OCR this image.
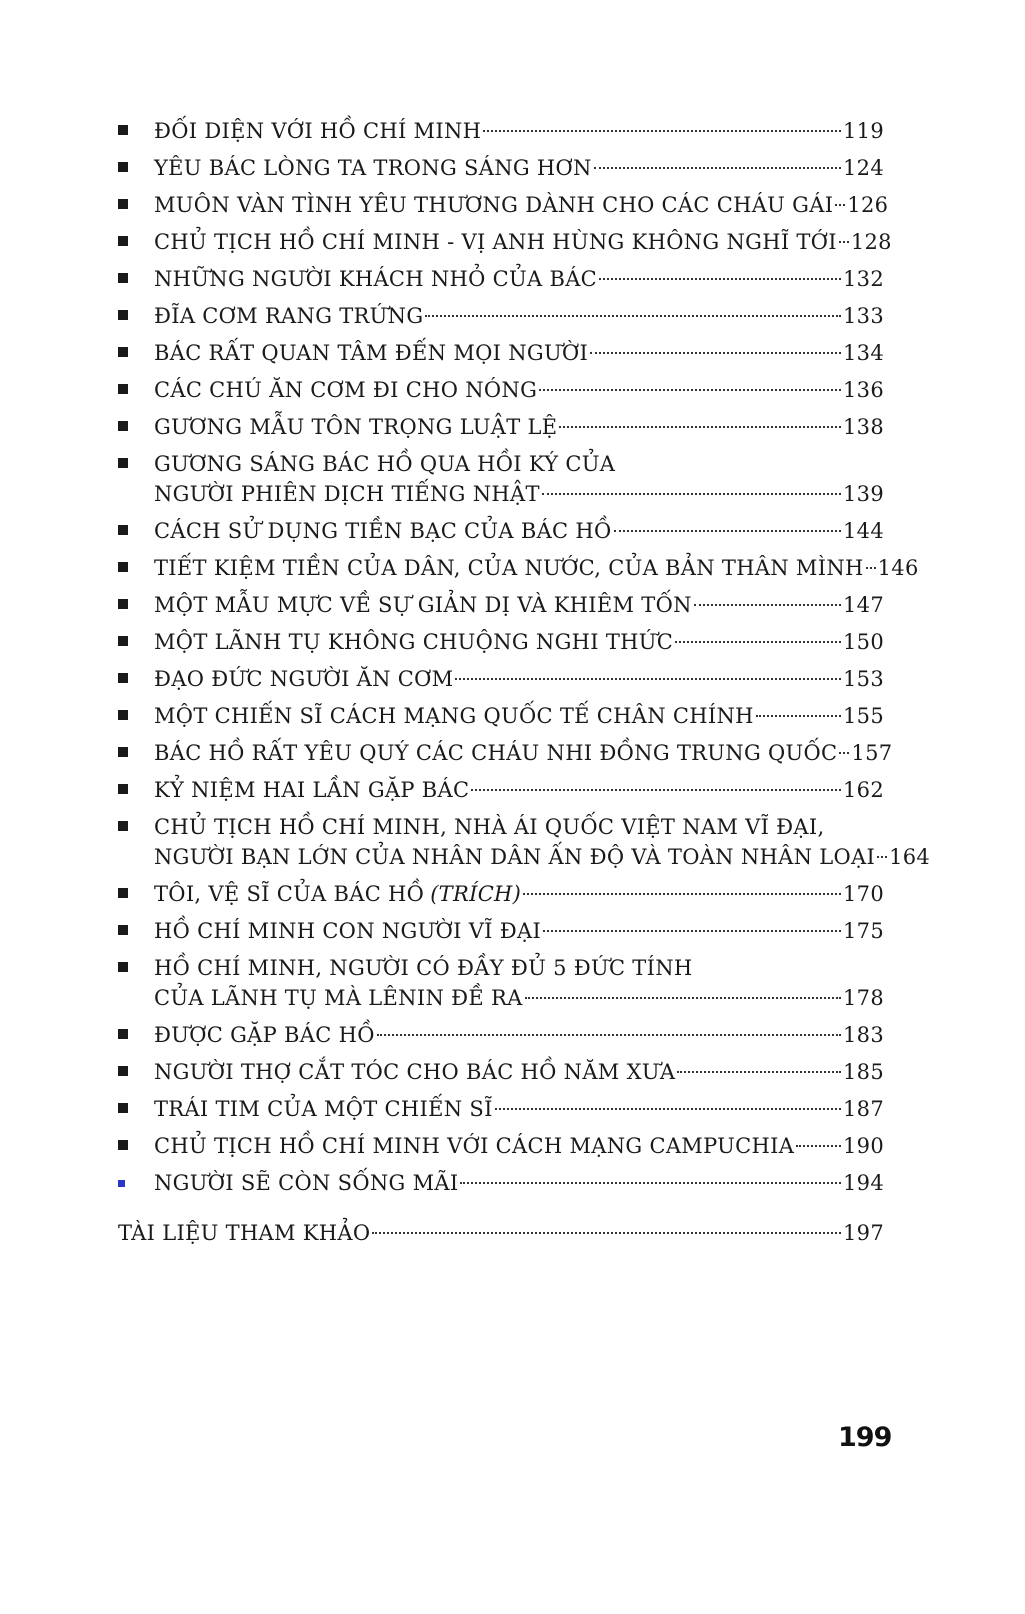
ĐỐI DIỆN VỚI HỒ CHÍ MINH	119
YÊU BÁC LÒNG TA TRONG SÁNG HƠN	124
MUÔN VÀN TÌNH YÊU THƯƠNG DÀNH CHO CÁC CHÁU GÁI 126
CHỦ TỊCH HỒ CHÍ MINH - VỊ ANH HÙNG KHÔNG NGHĨ TỚI 128
NHỮNG NGƯỜI KHÁCH NHỎ CỦA BÁC	132
ĐĨA CƠM RANG TRỨNG	133
BÁC RẤT QUAN TÂM ĐẾN MỌI NGƯỜI	134
CÁC CHÚ ĂN CƠM ĐI CHO NÓNG	136
GƯƠNG MẪU TÔN TRỌNG LUẬT LỆ	138
GƯƠNG SÁNG BÁC HỒ QUA HỒI KÝ CỦA
NGƯỜI PHIÊN DỊCH TIẾNG NHẬT	139
CÁCH SỬ DỤNG TIỀN BẠC CỦA BÁC HỒ	144
TIẾT KIỆM TIỀN CỦA DÂN, CỦA NƯỚC, CỦA BẢN THÂN MÌNH 146
MỘT MẪU MỰC VỀ SỰ GIẢN DỊ VÀ KHIÊM TỐN	147
MỘT LÃNH TỤ KHÔNG CHUỘNG NGHI THỨC	150
ĐẠO ĐỨC NGƯỜI ĂN CƠM	153
MỘT CHIẾN SĨ CÁCH MẠNG QUỐC TẾ CHÂN CHÍNH	155
BÁC HỒ RẤT YÊU QUÝ CÁC CHÁU NHI ĐỒNG TRUNG QUỐC 157
KỶ NIỆM HAI LẦN GẶP BÁC	162
CHỦ TỊCH HỒ CHÍ MINH, NHÀ ÁI QUỐC VIỆT NAM VĨ ĐẠI,
NGƯỜI BẠN LỚN CỦA NHÂN DÂN ẤN ĐỘ VÀ TOÀN NHÂN LOẠI 164
TÔI, VỆ SĨ CỦA BÁC HỒ (TRÍCH)	170
HỒ CHÍ MINH CON NGƯỜI VĨ ĐẠI	175
HỒ CHÍ MINH, NGƯỜI CÓ ĐẦY ĐỦ 5 ĐỨC TÍNH
CỦA LÃNH TỤ MÀ LÊNIN ĐỀ RA	178
ĐƯỢC GẶP BÁC HỒ	183
NGƯỜI THỢ CẮT TÓC CHO BÁC HỒ NĂM XƯA	185
TRÁI TIM CỦA MỘT CHIẾN SĨ	187
CHỦ TỊCH HỒ CHÍ MINH VỚI CÁCH MẠNG CAMPUCHIA 190
NGƯỜI SẼ CÒN SỐNG MÃI	194
TÀI LIỆU THAM KHẢO	197
199
